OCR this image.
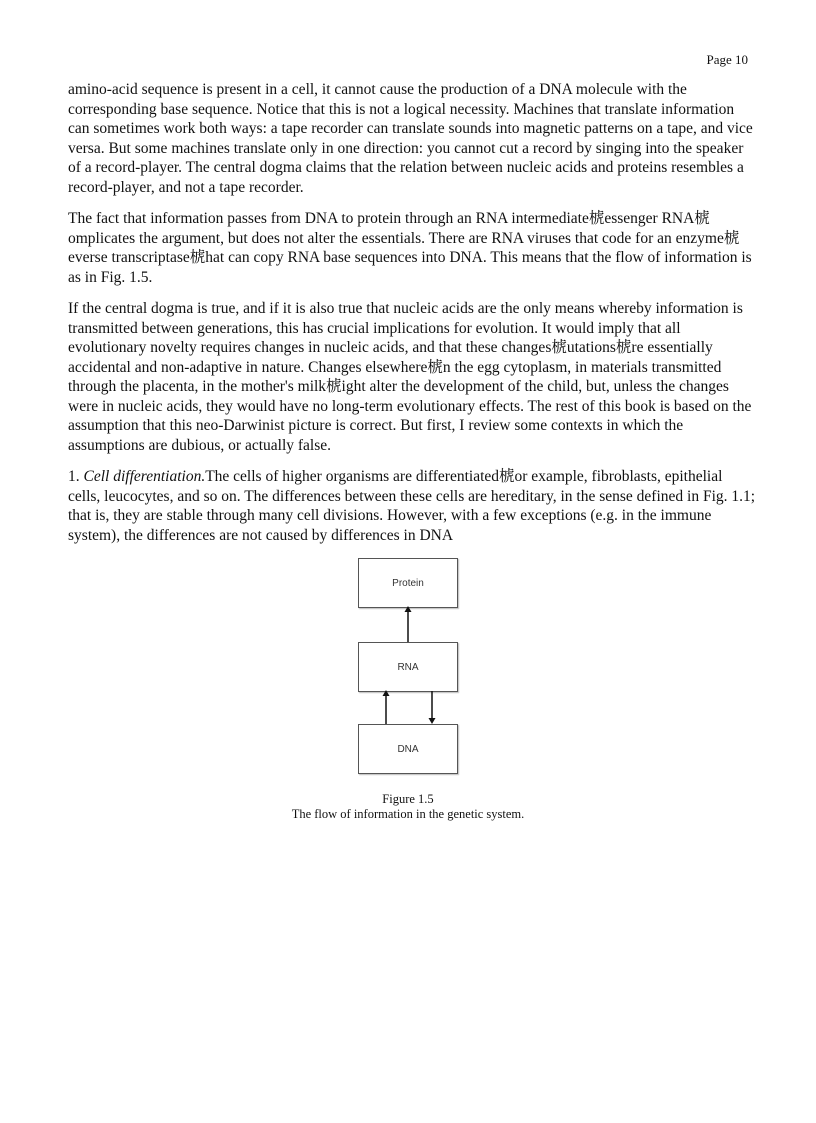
Page 10

amino-acid sequence is present in a cell, it cannot cause the production of a DNA molecule with the corresponding base sequence. Notice that this is not a logical necessity. Machines that translate information can sometimes work both ways: a tape recorder can translate sounds into magnetic patterns on a tape, and vice versa. But some machines translate only in one direction: you cannot cut a record by singing into the speaker of a record-player. The central dogma claims that the relation between nucleic acids and proteins resembles a record-player, and not a tape recorder.

The fact that information passes from DNA to protein through an RNA intermediate椃essenger RNA椃omplicates the argument, but does not alter the essentials. There are RNA viruses that code for an enzyme椃everse transcriptase椃hat can copy RNA base sequences into DNA. This means that the flow of information is as in Fig. 1.5.

If the central dogma is true, and if it is also true that nucleic acids are the only means whereby information is transmitted between generations, this has crucial implications for evolution. It would imply that all evolutionary novelty requires changes in nucleic acids, and that these changes椃utations椃re essentially accidental and non-adaptive in nature. Changes elsewhere椃n the egg cytoplasm, in materials transmitted through the placenta, in the mother's milk椃ight alter the development of the child, but, unless the changes were in nucleic acids, they would have no long-term evolutionary effects. The rest of this book is based on the assumption that this neo-Darwinist picture is correct. But first, I review some contexts in which the assumptions are dubious, or actually false.

1. Cell differentiation.The cells of higher organisms are differentiated椃or example, fibroblasts, epithelial cells, leucocytes, and so on. The differences between these cells are hereditary, in the sense defined in Fig. 1.1; that is, they are stable through many cell divisions. However, with a few exceptions (e.g. in the immune system), the differences are not caused by differences in DNA

Protein
RNA
DNA
Figure 1.5
The flow of information in the genetic system.
